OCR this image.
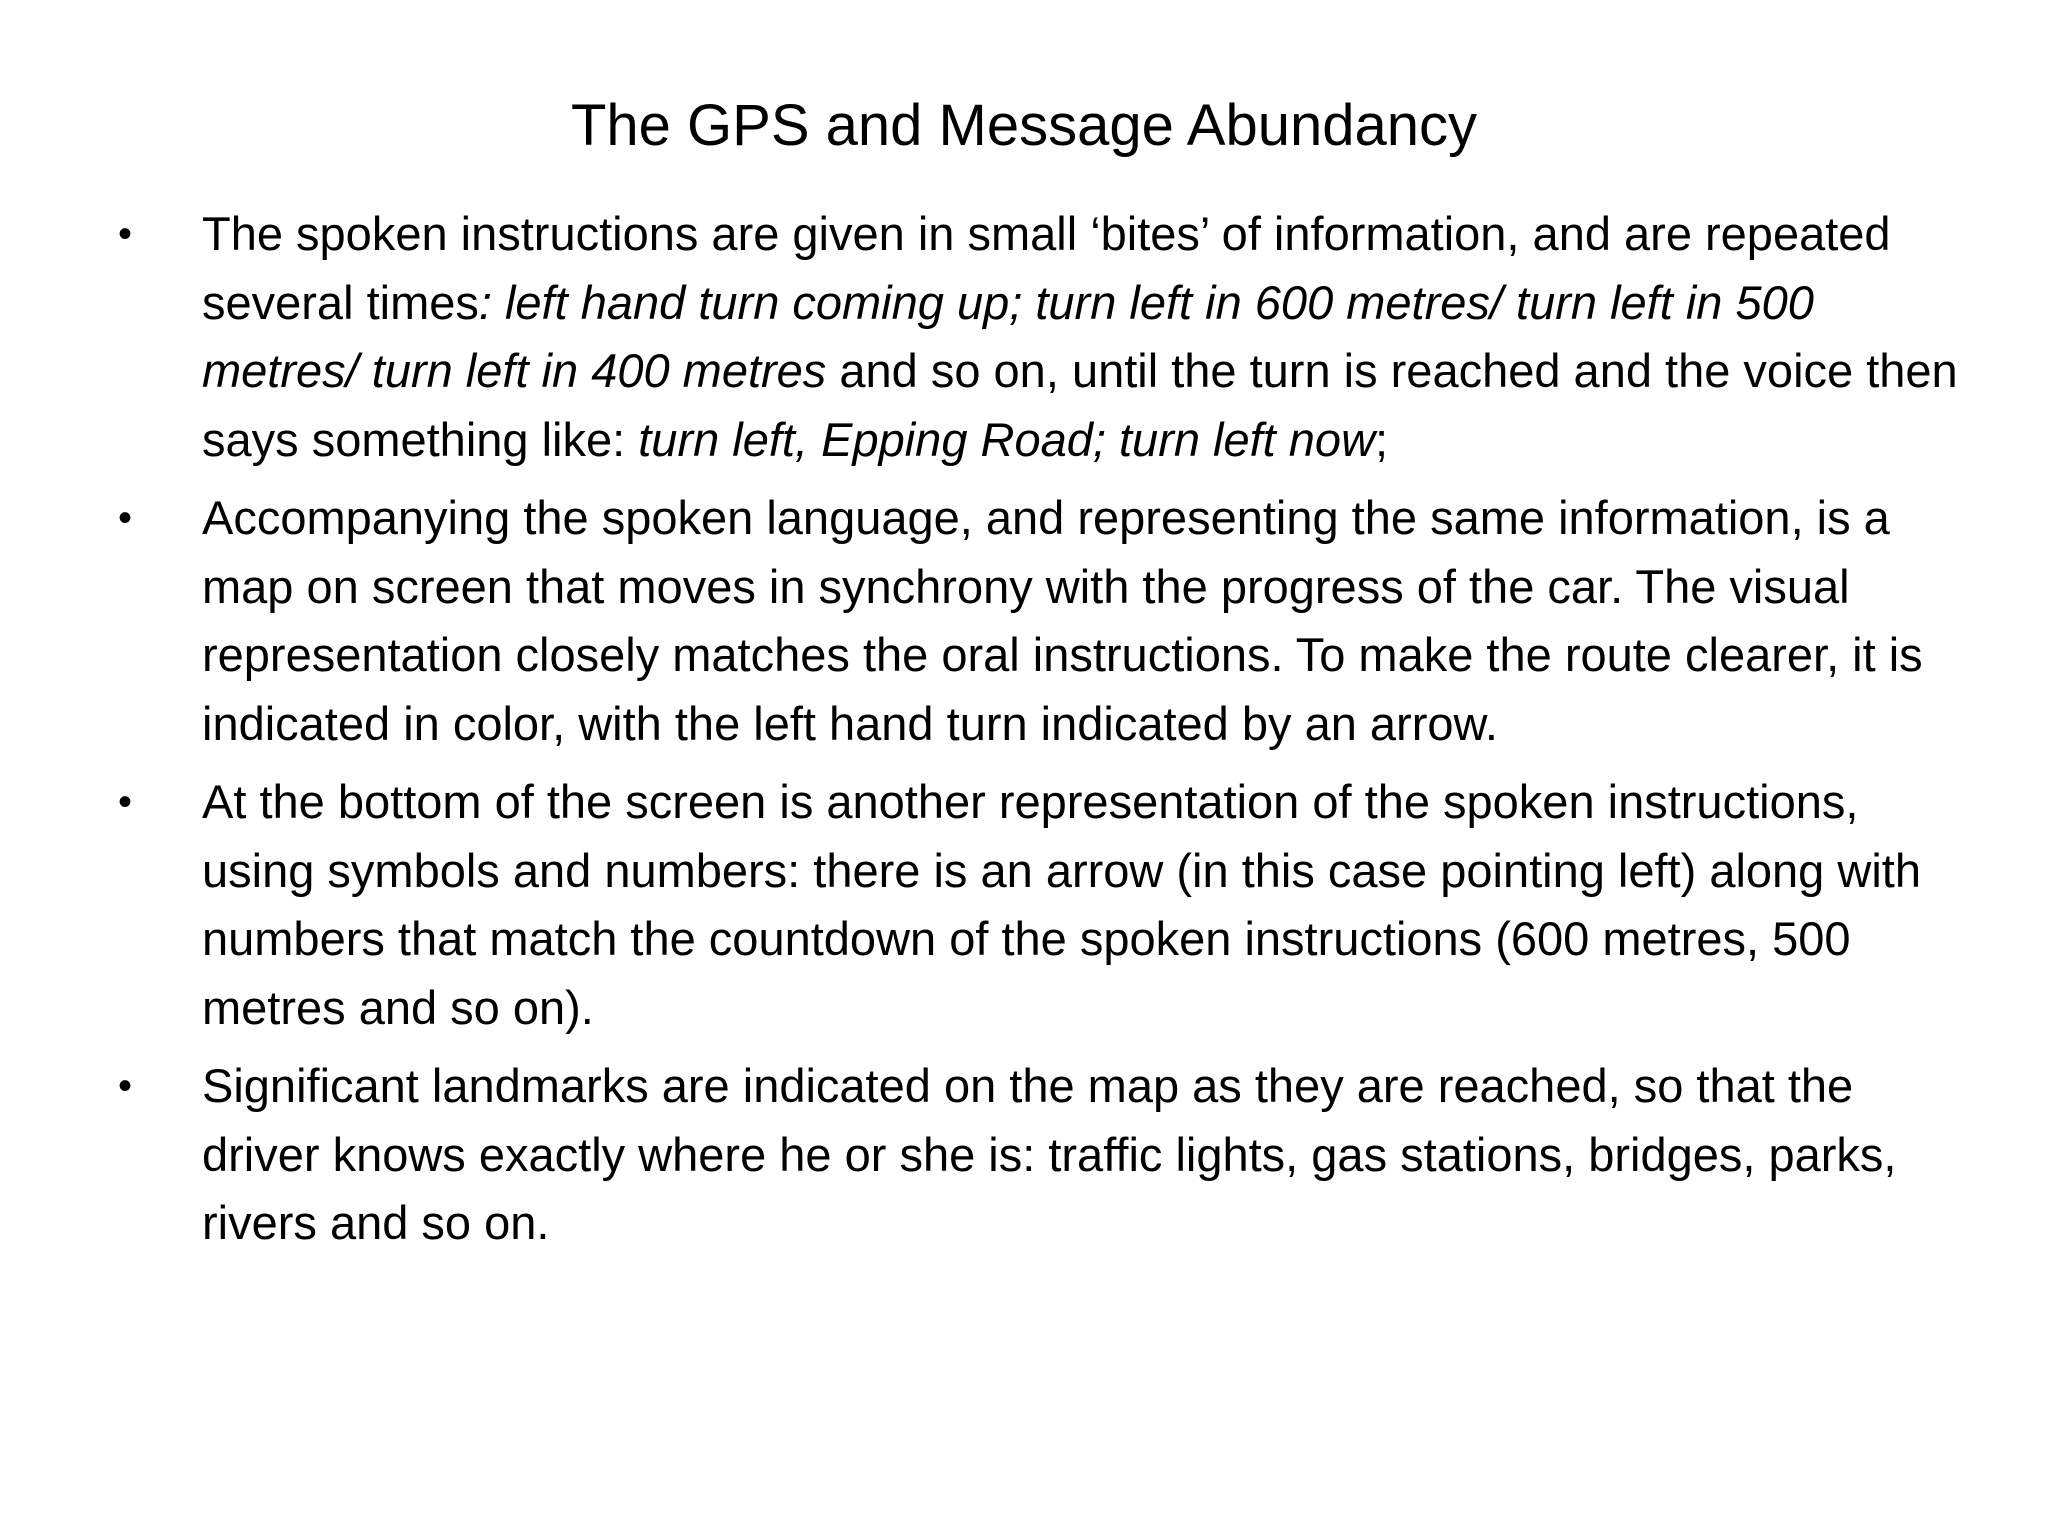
The GPS and Message Abundancy
•	The spoken instructions are given in small ‘bites’ of information, and are repeated several times: left hand turn coming up; turn left in 600 metres/ turn left in 500 metres/ turn left in 400 metres and so on, until the turn is reached and the voice then says something like: turn left, Epping Road; turn left now;
•	Accompanying the spoken language, and representing the same information, is a map on screen that moves in synchrony with the progress of the car. The visual representation closely matches the oral instructions. To make the route clearer, it is indicated in color, with the left hand turn indicated by an arrow.
•	At the bottom of the screen is another representation of the spoken instructions, using symbols and numbers: there is an arrow (in this case pointing left) along with numbers that match the countdown of the spoken instructions (600 metres, 500 metres and so on).
•	Significant landmarks are indicated on the map as they are reached, so that the driver knows exactly where he or she is: traffic lights, gas stations, bridges, parks, rivers and so on.
